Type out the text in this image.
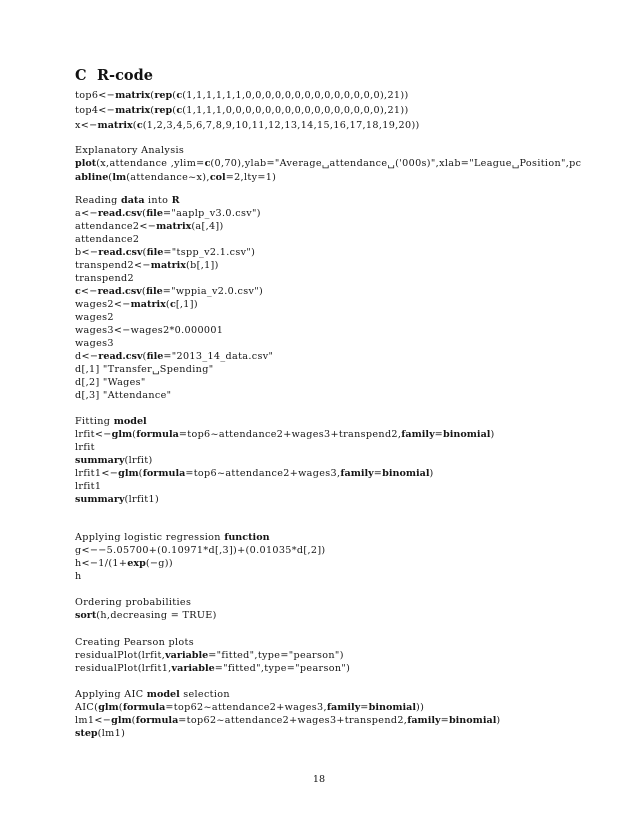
C R-code
top6<−matrix(rep(c(1,1,1,1,1,1,0,0,0,0,0,0,0,0,0,0,0,0,0,0),21))
top4<−matrix(rep(c(1,1,1,1,0,0,0,0,0,0,0,0,0,0,0,0,0,0,0,0),21))
x<−matrix(c(1,2,3,4,5,6,7,8,9,10,11,12,13,14,15,16,17,18,19,20))
Explanatory Analysis
plot(x,attendance ,ylim=c(0,70),ylab="Average␣attendance␣('000s)",xlab="League␣Position",pc
abline(lm(attendance~x),col=2,lty=1)
Reading data into R
a<−read.csv(file="aaplp_v3.0.csv")
attendance2<−matrix(a[,4])
attendance2
b<−read.csv(file="tspp_v2.1.csv")
transpend2<−matrix(b[,1])
transpend2
c<−read.csv(file="wppia_v2.0.csv")
wages2<−matrix(c[,1])
wages2
wages3<−wages2*0.000001
wages3
d<−read.csv(file="2013_14_data.csv"
d[,1] "Transfer␣Spending"
d[,2] "Wages"
d[,3] "Attendance"
Fitting model
lrfit<−glm(formula=top6~attendance2+wages3+transpend2,family=binomial)
lrfit
summary(lrfit)
lrfit1<−glm(formula=top6~attendance2+wages3,family=binomial)
lrfit1
summary(lrfit1)
Applying logistic regression function
g<−−5.05700+(0.10971*d[,3])+(0.01035*d[,2])
h<−1/(1+exp(−g))
h
Ordering probabilities
sort(h,decreasing = TRUE)
Creating Pearson plots
residualPlot(lrfit,variable="fitted",type="pearson")
residualPlot(lrfit1,variable="fitted",type="pearson")
Applying AIC model selection
AIC(glm(formula=top62~attendance2+wages3,family=binomial))
lm1<−glm(formula=top62~attendance2+wages3+transpend2,family=binomial)
step(lm1)
18
